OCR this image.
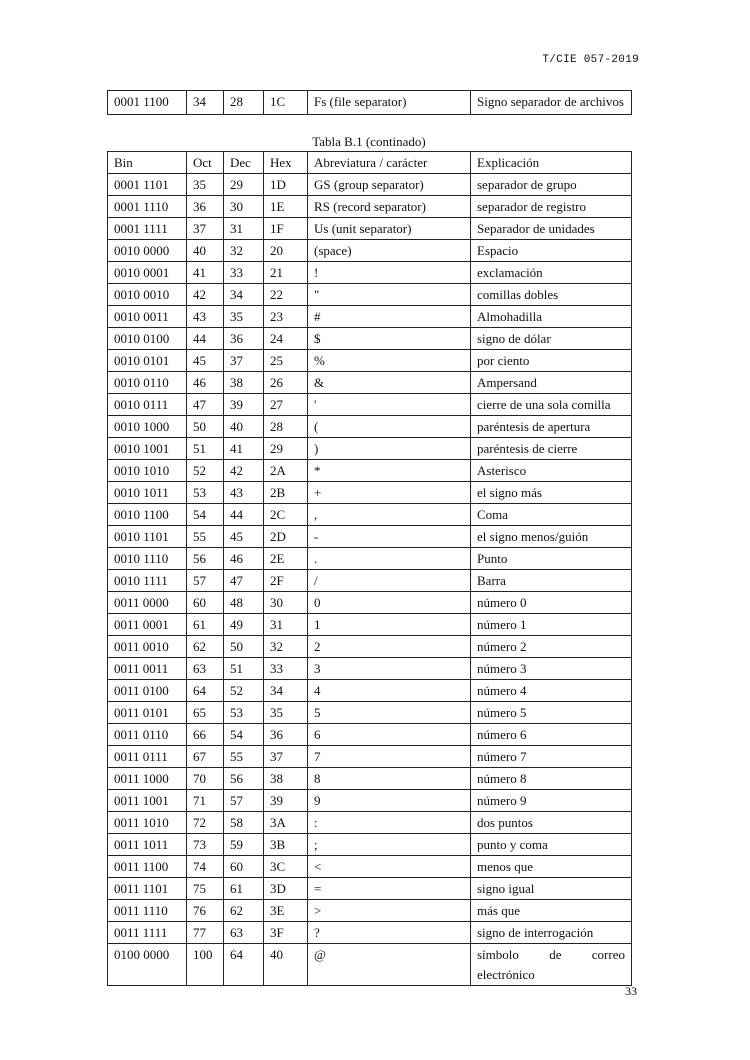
T/CIE 057-2019
0001 1100	34	28	1C	Fs (file separator)	Signo separador de archivos
Tabla B.1 (continado)
Bin	Oct	Dec	Hex	Abreviatura / carácter	Explicación
0001 1101	35	29	1D	GS (group separator)	separador de grupo
0001 1110	36	30	1E	RS (record separator)	separador de registro
0001 1111	37	31	1F	Us (unit separator)	Separador de unidades
0010 0000	40	32	20	(space)	Espacio
0010 0001	41	33	21	!	exclamación
0010 0010	42	34	22	"	comillas dobles
0010 0011	43	35	23	#	Almohadilla
0010 0100	44	36	24	$	signo de dólar
0010 0101	45	37	25	%	por ciento
0010 0110	46	38	26	&	Ampersand
0010 0111	47	39	27	'	cierre de una sola comilla
0010 1000	50	40	28	(	paréntesis de apertura
0010 1001	51	41	29	)	paréntesis de cierre
0010 1010	52	42	2A	*	Asterisco
0010 1011	53	43	2B	+	el signo más
0010 1100	54	44	2C	,	Coma
0010 1101	55	45	2D	-	el signo menos/guión
0010 1110	56	46	2E	.	Punto
0010 1111	57	47	2F	/	Barra
0011 0000	60	48	30	0	número 0
0011 0001	61	49	31	1	número 1
0011 0010	62	50	32	2	número 2
0011 0011	63	51	33	3	número 3
0011 0100	64	52	34	4	número 4
0011 0101	65	53	35	5	número 5
0011 0110	66	54	36	6	número 6
0011 0111	67	55	37	7	número 7
0011 1000	70	56	38	8	número 8
0011 1001	71	57	39	9	número 9
0011 1010	72	58	3A	:	dos puntos
0011 1011	73	59	3B	;	punto y coma
0011 1100	74	60	3C	<	menos que
0011 1101	75	61	3D	=	signo igual
0011 1110	76	62	3E	>	más que
0011 1111	77	63	3F	?	signo de interrogación
0100 0000	100	64	40	@	símbolo de correo electrónico
33
